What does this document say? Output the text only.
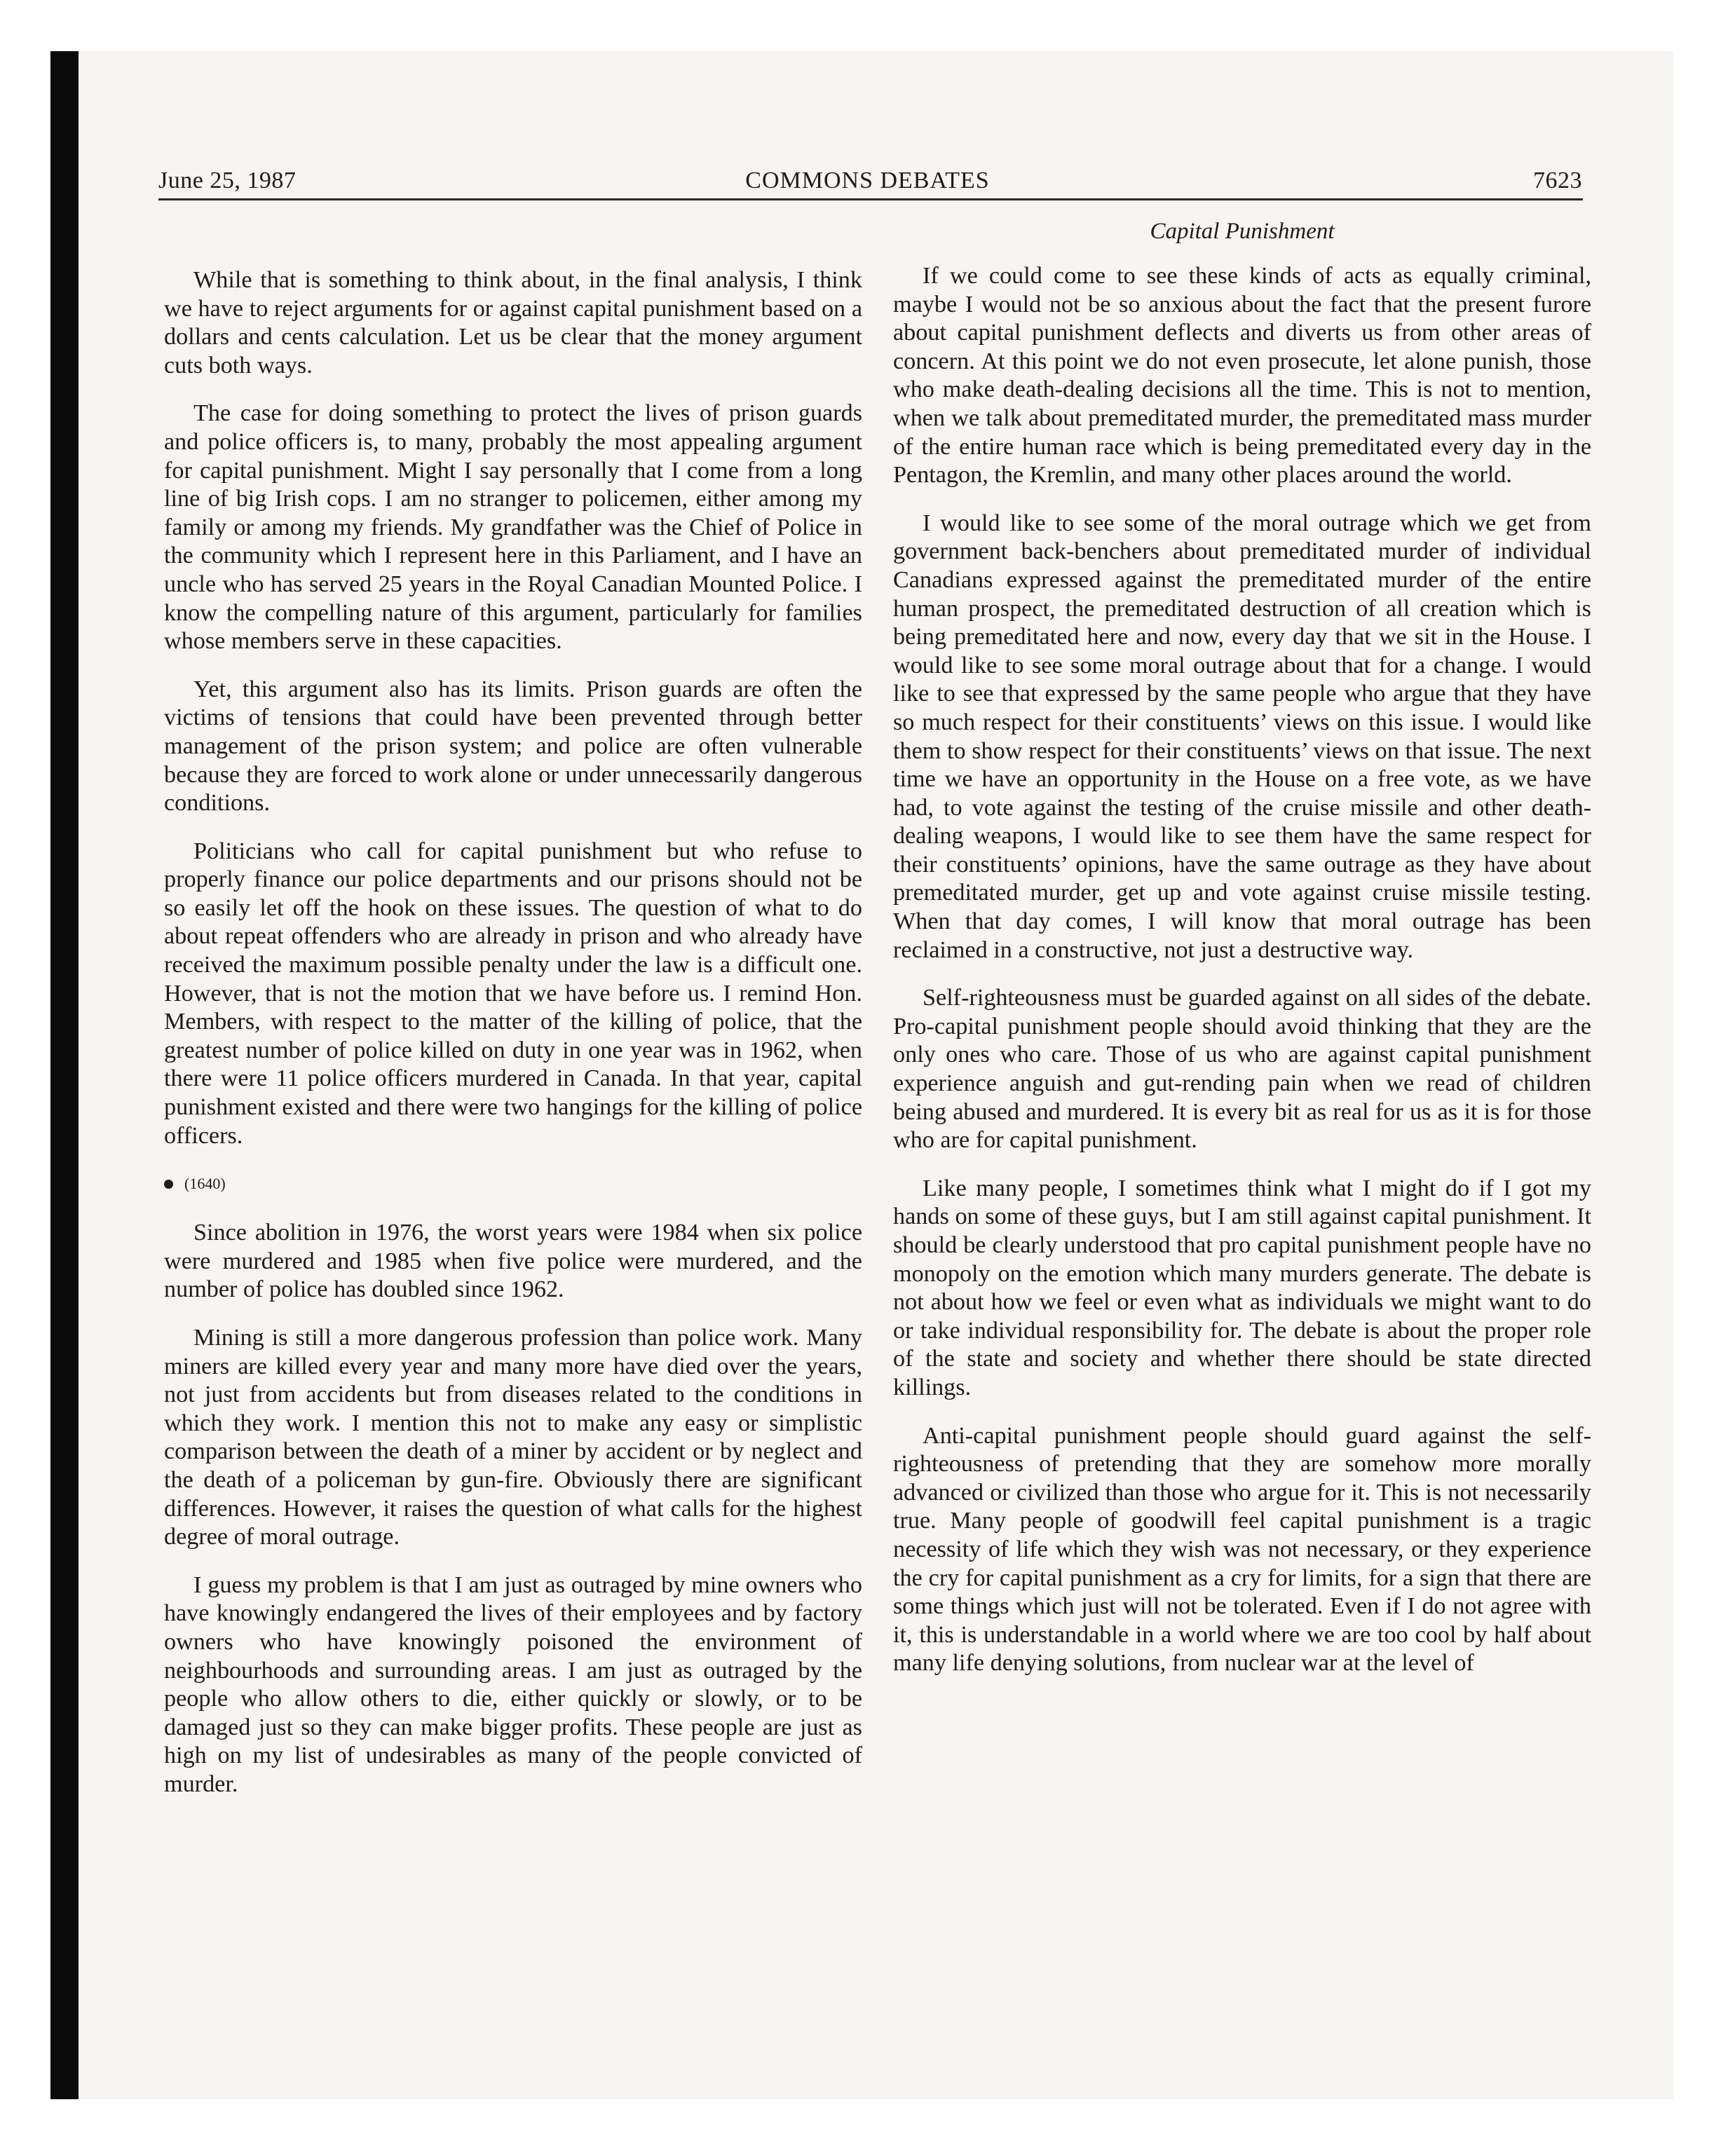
June 25, 1987	COMMONS DEBATES	7623
Capital Punishment

While that is something to think about, in the final analysis, I think we have to reject arguments for or against capital punishment based on a dollars and cents calculation. Let us be clear that the money argument cuts both ways.

The case for doing something to protect the lives of prison guards and police officers is, to many, probably the most appealing argument for capital punishment. Might I say personally that I come from a long line of big Irish cops. I am no stranger to policemen, either among my family or among my friends. My grandfather was the Chief of Police in the community which I represent here in this Parliament, and I have an uncle who has served 25 years in the Royal Canadian Mounted Police. I know the compelling nature of this argument, particularly for families whose members serve in these capacities.

Yet, this argument also has its limits. Prison guards are often the victims of tensions that could have been prevented through better management of the prison system; and police are often vulnerable because they are forced to work alone or under unnecessarily dangerous conditions.

Politicians who call for capital punishment but who refuse to properly finance our police departments and our prisons should not be so easily let off the hook on these issues. The question of what to do about repeat offenders who are already in prison and who already have received the maximum possible penalty under the law is a difficult one. However, that is not the motion that we have before us. I remind Hon. Members, with respect to the matter of the killing of police, that the greatest number of police killed on duty in one year was in 1962, when there were 11 police officers murdered in Canada. In that year, capital punishment existed and there were two hangings for the killing of police officers.

(1640)

Since abolition in 1976, the worst years were 1984 when six police were murdered and 1985 when five police were murdered, and the number of police has doubled since 1962.

Mining is still a more dangerous profession than police work. Many miners are killed every year and many more have died over the years, not just from accidents but from diseases related to the conditions in which they work. I mention this not to make any easy or simplistic comparison between the death of a miner by accident or by neglect and the death of a policeman by gun-fire. Obviously there are significant differences. However, it raises the question of what calls for the highest degree of moral outrage.

I guess my problem is that I am just as outraged by mine owners who have knowingly endangered the lives of their employees and by factory owners who have knowingly poisoned the environment of neighbourhoods and surrounding areas. I am just as outraged by the people who allow others to die, either quickly or slowly, or to be damaged just so they can make bigger profits. These people are just as high on my list of undesirables as many of the people convicted of murder.

If we could come to see these kinds of acts as equally criminal, maybe I would not be so anxious about the fact that the present furore about capital punishment deflects and diverts us from other areas of concern. At this point we do not even prosecute, let alone punish, those who make death-dealing decisions all the time. This is not to mention, when we talk about premeditated murder, the premeditated mass murder of the entire human race which is being premeditated every day in the Pentagon, the Kremlin, and many other places around the world.

I would like to see some of the moral outrage which we get from government back-benchers about premeditated murder of individual Canadians expressed against the premeditated murder of the entire human prospect, the premeditated destruction of all creation which is being premeditated here and now, every day that we sit in the House. I would like to see some moral outrage about that for a change. I would like to see that expressed by the same people who argue that they have so much respect for their constituents’ views on this issue. I would like them to show respect for their constituents’ views on that issue. The next time we have an opportunity in the House on a free vote, as we have had, to vote against the testing of the cruise missile and other death-dealing weapons, I would like to see them have the same respect for their constituents’ opinions, have the same outrage as they have about premeditated murder, get up and vote against cruise missile testing. When that day comes, I will know that moral outrage has been reclaimed in a constructive, not just a destructive way.

Self-righteousness must be guarded against on all sides of the debate. Pro-capital punishment people should avoid thinking that they are the only ones who care. Those of us who are against capital punishment experience anguish and gut-rending pain when we read of children being abused and murdered. It is every bit as real for us as it is for those who are for capital punishment.

Like many people, I sometimes think what I might do if I got my hands on some of these guys, but I am still against capital punishment. It should be clearly understood that pro capital punishment people have no monopoly on the emotion which many murders generate. The debate is not about how we feel or even what as individuals we might want to do or take individual responsibility for. The debate is about the proper role of the state and society and whether there should be state directed killings.

Anti-capital punishment people should guard against the self-righteousness of pretending that they are somehow more morally advanced or civilized than those who argue for it. This is not necessarily true. Many people of goodwill feel capital punishment is a tragic necessity of life which they wish was not necessary, or they experience the cry for capital punishment as a cry for limits, for a sign that there are some things which just will not be tolerated. Even if I do not agree with it, this is understandable in a world where we are too cool by half about many life denying solutions, from nuclear war at the level of
